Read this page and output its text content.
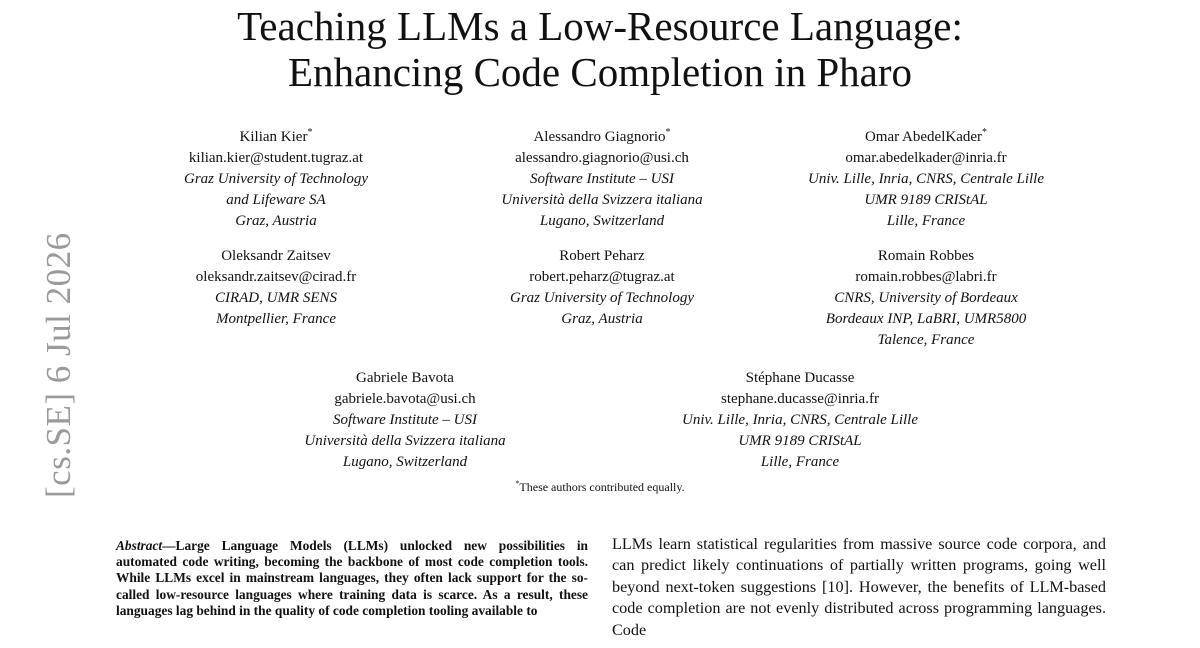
Teaching LLMs a Low-Resource Language:
Enhancing Code Completion in Pharo
Kilian Kier*
kilian.kier@student.tugraz.at
Graz University of Technology
and Lifeware SA
Graz, Austria
Alessandro Giagnorio*
alessandro.giagnorio@usi.ch
Software Institute – USI
Università della Svizzera italiana
Lugano, Switzerland
Omar AbedelKader*
omar.abedelkader@inria.fr
Univ. Lille, Inria, CNRS, Centrale Lille
UMR 9189 CRIStAL
Lille, France
Oleksandr Zaitsev
oleksandr.zaitsev@cirad.fr
CIRAD, UMR SENS
Montpellier, France
Robert Peharz
robert.peharz@tugraz.at
Graz University of Technology
Graz, Austria
Romain Robbes
romain.robbes@labri.fr
CNRS, University of Bordeaux
Bordeaux INP, LaBRI, UMR5800
Talence, France
Gabriele Bavota
gabriele.bavota@usi.ch
Software Institute – USI
Università della Svizzera italiana
Lugano, Switzerland
Stéphane Ducasse
stephane.ducasse@inria.fr
Univ. Lille, Inria, CNRS, Centrale Lille
UMR 9189 CRIStAL
Lille, France
*These authors contributed equally.
[cs.SE] 6 Jul 2026
Abstract—Large Language Models (LLMs) unlocked new possibilities in automated code writing, becoming the backbone of most code completion tools. While LLMs excel in mainstream languages, they often lack support for the so-called low-resource languages where training data is scarce. As a result, these languages lag behind in the quality of code completion tooling available to
LLMs learn statistical regularities from massive source code corpora, and can predict likely continuations of partially written programs, going well beyond next-token suggestions [10]. However, the benefits of LLM-based code completion are not evenly distributed across programming languages. Code
